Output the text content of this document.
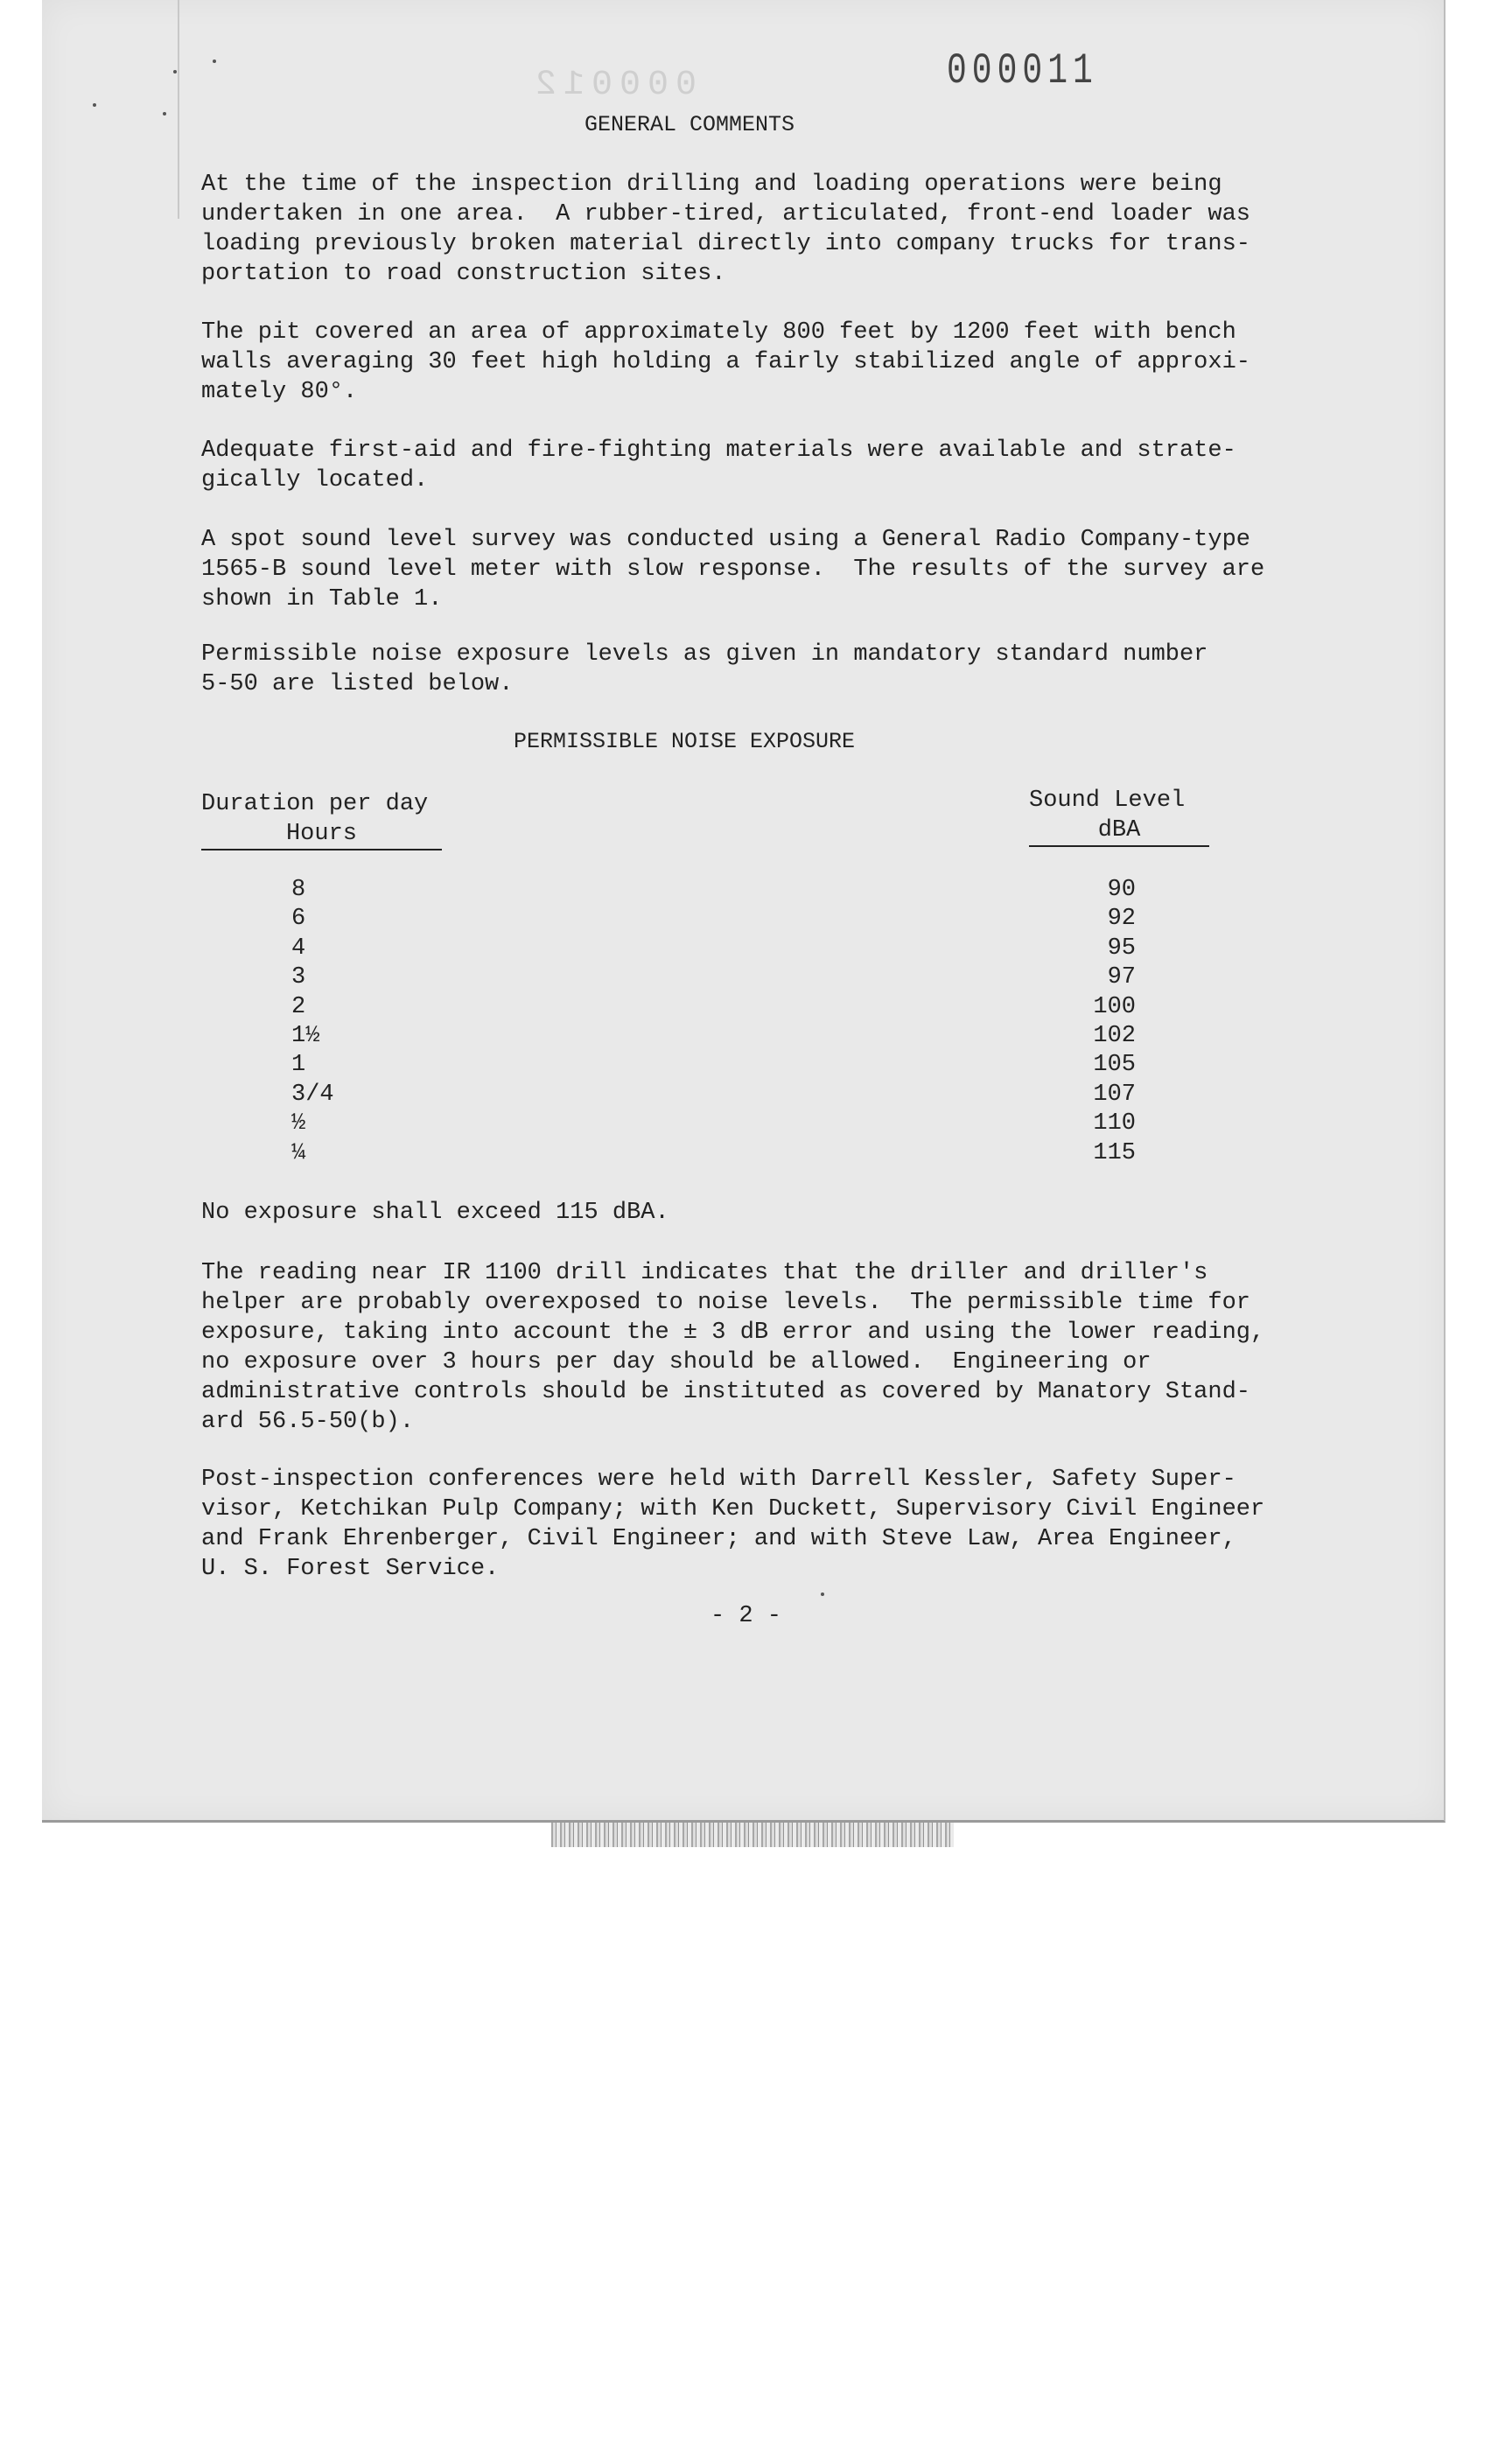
000012	000011
GENERAL COMMENTS

At the time of the inspection drilling and loading operations were being
undertaken in one area.  A rubber-tired, articulated, front-end loader was
loading previously broken material directly into company trucks for trans-
portation to road construction sites.

The pit covered an area of approximately 800 feet by 1200 feet with bench
walls averaging 30 feet high holding a fairly stabilized angle of approxi-
mately 80°.

Adequate first-aid and fire-fighting materials were available and strate-
gically located.

A spot sound level survey was conducted using a General Radio Company-type
1565-B sound level meter with slow response.  The results of the survey are
shown in Table 1.

Permissible noise exposure levels as given in mandatory standard number
5-50 are listed below.

PERMISSIBLE NOISE EXPOSURE
Duration per day
Hours
Sound Level
dBA
8
6
4
3
2
1½
1
3/4
½
¼
90
92
95
97
100
102
105
107
110
115

No exposure shall exceed 115 dBA.

The reading near IR 1100 drill indicates that the driller and driller's
helper are probably overexposed to noise levels.  The permissible time for
exposure, taking into account the ± 3 dB error and using the lower reading,
no exposure over 3 hours per day should be allowed.  Engineering or
administrative controls should be instituted as covered by Manatory Stand-
ard 56.5-50(b).

Post-inspection conferences were held with Darrell Kessler, Safety Super-
visor, Ketchikan Pulp Company; with Ken Duckett, Supervisory Civil Engineer
and Frank Ehrenberger, Civil Engineer; and with Steve Law, Area Engineer,
U. S. Forest Service.

- 2 -
